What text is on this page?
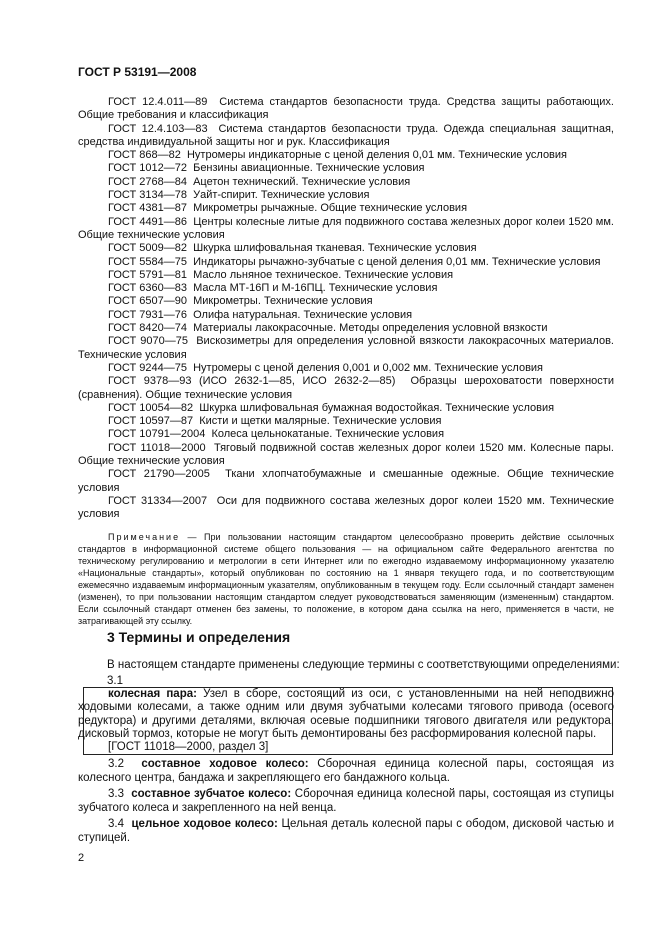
ГОСТ Р 53191—2008

ГОСТ 12.4.011—89 Система стандартов безопасности труда. Средства защиты работающих. Общие требования и классификация

ГОСТ 12.4.103—83 Система стандартов безопасности труда. Одежда специальная защитная, средства индивидуальной защиты ног и рук. Классификация

ГОСТ 868—82 Нутромеры индикаторные с ценой деления 0,01 мм. Технические условия

ГОСТ 1012—72 Бензины авиационные. Технические условия

ГОСТ 2768—84 Ацетон технический. Технические условия

ГОСТ 3134—78 Уайт-спирит. Технические условия

ГОСТ 4381—87 Микрометры рычажные. Общие технические условия

ГОСТ 4491—86 Центры колесные литые для подвижного состава железных дорог колеи 1520 мм. Общие технические условия

ГОСТ 5009—82 Шкурка шлифовальная тканевая. Технические условия

ГОСТ 5584—75 Индикаторы рычажно-зубчатые с ценой деления 0,01 мм. Технические условия

ГОСТ 5791—81 Масло льняное техническое. Технические условия

ГОСТ 6360—83 Масла МТ-16П и М-16ПЦ. Технические условия

ГОСТ 6507—90 Микрометры. Технические условия

ГОСТ 7931—76 Олифа натуральная. Технические условия

ГОСТ 8420—74 Материалы лакокрасочные. Методы определения условной вязкости

ГОСТ 9070—75 Вискозиметры для определения условной вязкости лакокрасочных материалов. Технические условия

ГОСТ 9244—75 Нутромеры с ценой деления 0,001 и 0,002 мм. Технические условия

ГОСТ 9378—93 (ИСО 2632-1—85, ИСО 2632-2—85) Образцы шероховатости поверхности (сравнения). Общие технические условия

ГОСТ 10054—82 Шкурка шлифовальная бумажная водостойкая. Технические условия

ГОСТ 10597—87 Кисти и щетки малярные. Технические условия

ГОСТ 10791—2004 Колеса цельнокатаные. Технические условия

ГОСТ 11018—2000 Тяговый подвижной состав железных дорог колеи 1520 мм. Колесные пары. Общие технические условия

ГОСТ 21790—2005 Ткани хлопчатобумажные и смешанные одежные. Общие технические условия

ГОСТ 31334—2007 Оси для подвижного состава железных дорог колеи 1520 мм. Технические условия

Примечание — При пользовании настоящим стандартом целесообразно проверить действие ссылочных стандартов в информационной системе общего пользования — на официальном сайте Федерального агентства по техническому регулированию и метрологии в сети Интернет или по ежегодно издаваемому информационному указателю «Национальные стандарты», который опубликован по состоянию на 1 января текущего года, и по соответствующим ежемесячно издаваемым информационным указателям, опубликованным в текущем году. Если ссылочный стандарт заменен (изменен), то при пользовании настоящим стандартом следует руководствоваться заменяющим (измененным) стандартом. Если ссылочный стандарт отменен без замены, то положение, в котором дана ссылка на него, применяется в части, не затрагивающей эту ссылку.

3 Термины и определения
В настоящем стандарте применены следующие термины с соответствующими определениями:
3.1

колесная пара: Узел в сборе, состоящий из оси, с установленными на ней неподвижно ходовыми колесами, а также одним или двумя зубчатыми колесами тягового привода (осевого редуктора) и другими деталями, включая осевые подшипники тягового двигателя или редуктора, дисковый тормоз, которые не могут быть демонтированы без расформирования колесной пары.

[ГОСТ 11018—2000, раздел 3]

3.2 составное ходовое колесо: Сборочная единица колесной пары, состоящая из колесного центра, бандажа и закрепляющего его бандажного кольца.

3.3 составное зубчатое колесо: Сборочная единица колесной пары, состоящая из ступицы зубчатого колеса и закрепленного на ней венца.

3.4 цельное ходовое колесо: Цельная деталь колесной пары с ободом, дисковой частью и ступицей.

2
